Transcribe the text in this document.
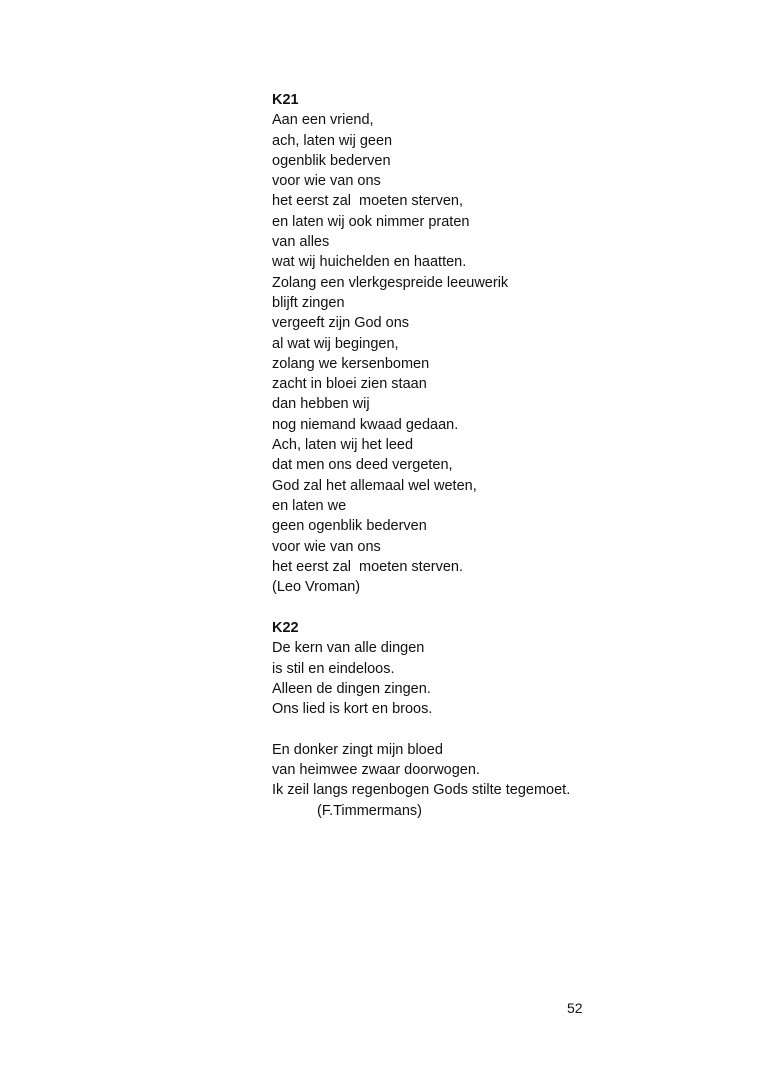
K21
Aan een vriend,
ach, laten wij geen
ogenblik bederven
voor wie van ons
het eerst zal  moeten sterven,
en laten wij ook nimmer praten
van alles
wat wij huichelden en haatten.
Zolang een vlerkgespreide leeuwerik
blijft zingen
vergeeft zijn God ons
al wat wij begingen,
zolang we kersenbomen
zacht in bloei zien staan
dan hebben wij
nog niemand kwaad gedaan.
Ach, laten wij het leed
dat men ons deed vergeten,
God zal het allemaal wel weten,
en laten we
geen ogenblik bederven
voor wie van ons
het eerst zal  moeten sterven.
(Leo Vroman)
K22
De kern van alle dingen
is stil en eindeloos.
Alleen de dingen zingen.
Ons lied is kort en broos.
En donker zingt mijn bloed
van heimwee zwaar doorwogen.
Ik zeil langs regenbogen Gods stilte tegemoet.
(F.Timmermans)
52
